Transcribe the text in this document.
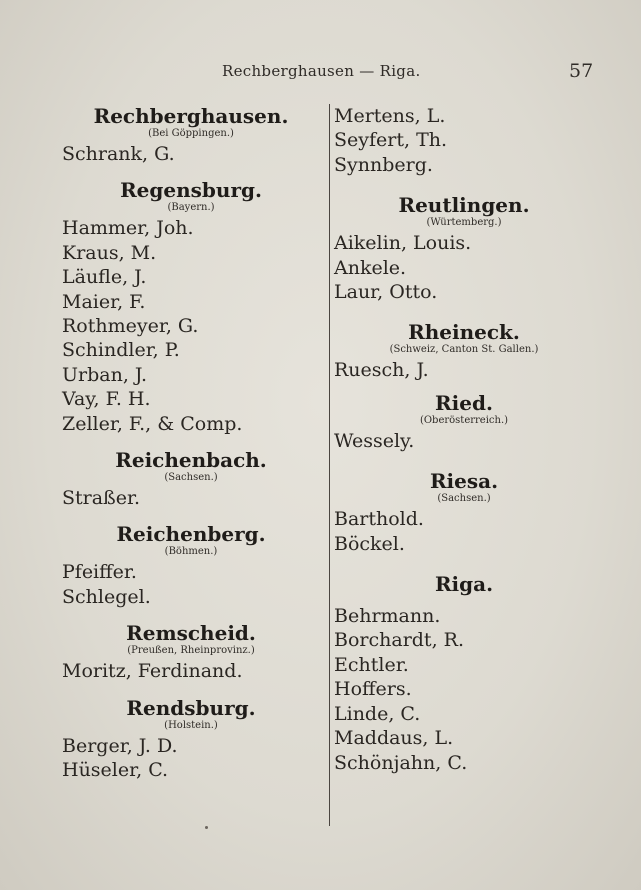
Rechberghausen — Riga.	57
Rechberghausen.
(Bei Göppingen.)
Schrank, G.
Regensburg.
(Bayern.)
Hammer, Joh.
Kraus, M.
Läufle, J.
Maier, F.
Rothmeyer, G.
Schindler, P.
Urban, J.
Vay, F. H.
Zeller, F., & Comp.
Reichenbach.
(Sachsen.)
Straßer.
Reichenberg.
(Böhmen.)
Pfeiffer.
Schlegel.
Remscheid.
(Preußen, Rheinprovinz.)
Moritz, Ferdinand.
Rendsburg.
(Holstein.)
Berger, J. D.
Hüseler, C.
Mertens, L.
Seyfert, Th.
Synnberg.
Reutlingen.
(Würtemberg.)
Aikelin, Louis.
Ankele.
Laur, Otto.
Rheineck.
(Schweiz, Canton St. Gallen.)
Ruesch, J.
Ried.
(Oberösterreich.)
Wessely.
Riesa.
(Sachsen.)
Barthold.
Böckel.
Riga.
Behrmann.
Borchardt, R.
Echtler.
Hoffers.
Linde, C.
Maddaus, L.
Schönjahn, C.
